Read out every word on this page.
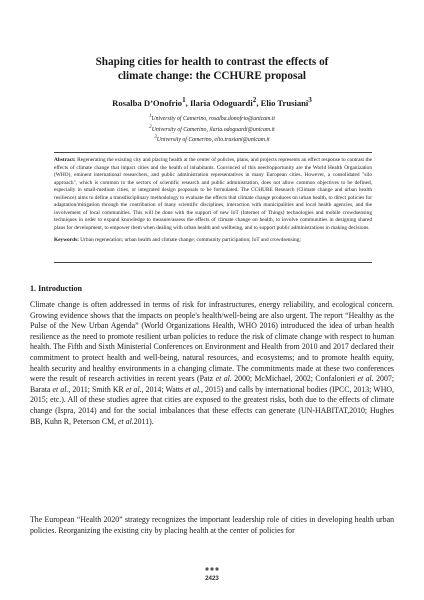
Shaping cities for health to contrast the effects of
climate change: the CCHURE proposal
Rosalba D’Onofrio$^1$, Ilaria Odoguardi$^2$, Elio Trusiani$^3$
$^1$University of Camerino, rosalba.donofrio@unicam.it
$^2$University of Camerino, ilaria.odoguardi@unicam.it
$^3$University of Camerino, elio.trusiani@unicam.it

Abstract: Regenerating the existing city and placing health at the center of policies, plans, and projects represents an effect response to contrast the effects of climate change that impact cities and the health of inhabitants. Convinced of this need/opportunity are the World Health Organization (WHO), eminent international researchers, and public administration representatives in many European cities. However, a consolidated "silo approach", which is common to the sectors of scientific research and public administration, does not allow common objectives to be defined, especially in small-medium cities, or integrated design proposals to be formulated. The CCHURE Research (Climate change and urban health resilience) aims to define a transdisciplinary methodology to evaluate the effects that climate change produces on urban health, to direct policies for adaptation/mitigation through the contribution of many scientific disciplines, interaction with municipalities and local health agencies, and the involvement of local communities. This will be done with the support of new IoT (Internet of Things) technologies and mobile crowdsensing techniques in order to expand knowledge to measure/assess the effects of climate change on health, to involve communities in designing shared plans for development, to empower them when dealing with urban health and wellbeing, and to support public administrations in making decisions.

Keywords: Urban regeneration; urban health and climate change; community participation; IoT and crowdsensing;

1. Introduction

Climate change is often addressed in terms of risk for infrastructures, energy reliability, and ecological concern. Growing evidence shows that the impacts on people's health/well-being are also urgent. The report “Healthy as the Pulse of the New Urban Agenda” (World Organizations Health, WHO 2016) introduced the idea of urban health resilience as the need to promote resilient urban policies to reduce the risk of climate change with respect to human health. The Fifth and Sixth Ministerial Conferences on Environment and Health from 2010 and 2017 declared their commitment to protect health and well-being, natural resources, and ecosystems; and to promote health equity, health security and healthy environments in a changing climate. The commitments made at these two conferences were the result of research activities in recent years (Patz et al. 2000; McMichael, 2002; Confalonieri et al. 2007; Barata et al., 2011; Smith KR et al., 2014; Watts et al., 2015) and calls by international bodies (IPCC, 2013; WHO, 2015; etc.). All of these studies agree that cities are exposed to the greatest risks, both due to the effects of climate change (Ispra, 2014) and for the social imbalances that these effects can generate (UN-HABITAT,2010; Hughes BB, Kuhn R, Peterson CM, et al.2011).

The European “Health 2020” strategy recognizes the important leadership role of cities in developing health urban policies. Reorganizing the existing city by placing health at the center of policies for

2423
